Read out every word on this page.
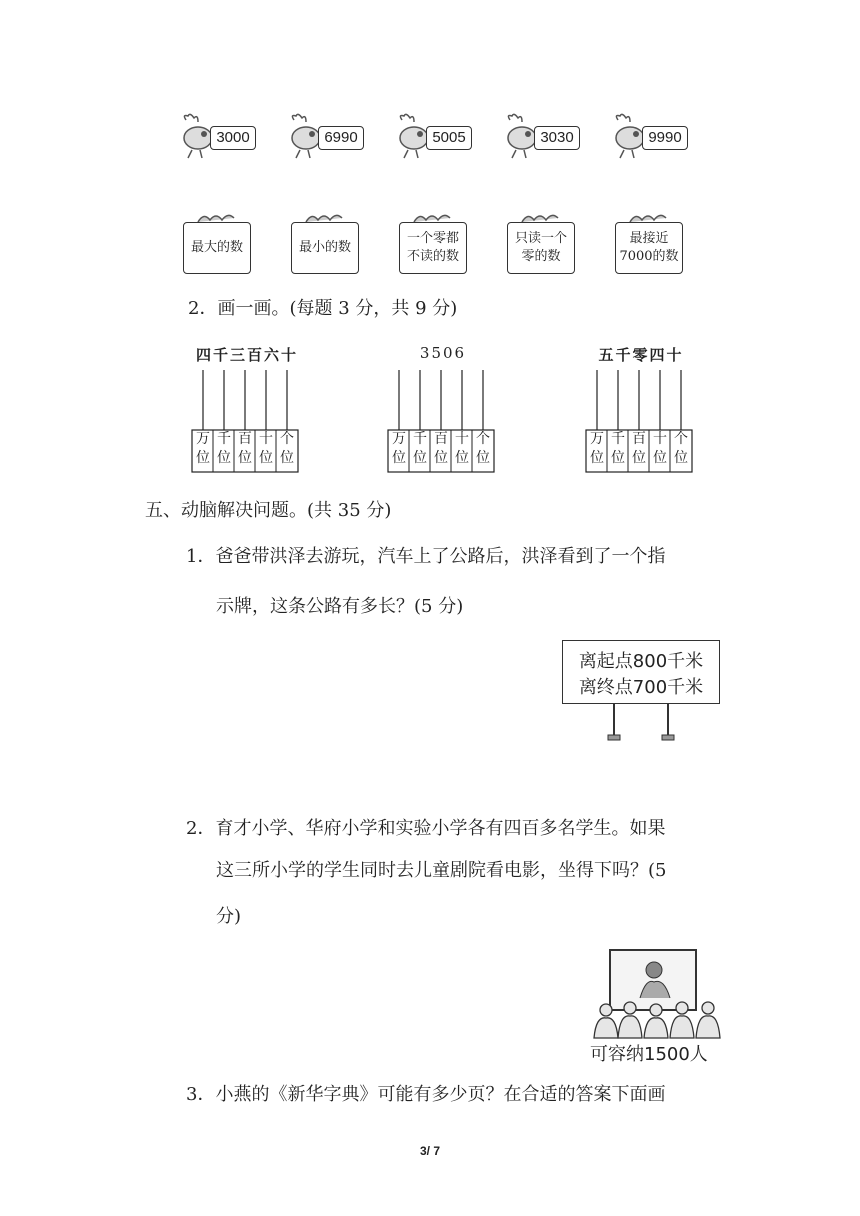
3000	6990	5005	3030	9990
最大的数	最小的数
一个零都
不读的数
只读一个
零的数
最接近
7000的数
2．画一画。(每题 3 分，共 9 分)
四千三百六十
万
位
千
位
百
位
十
位
个
位
3506
万
位
千
位
百
位
十
位
个
位
五千零四十
万
位
千
位
百
位
十
位
个
位
五、动脑解决问题。(共 35 分)
1．爸爸带洪泽去游玩，汽车上了公路后，洪泽看到了一个指
示牌，这条公路有多长？(5 分)
离起点800千米
离终点700千米
2．育才小学、华府小学和实验小学各有四百多名学生。如果
这三所小学的学生同时去儿童剧院看电影，坐得下吗？(5
分)
可容纳1500人
3．小燕的《新华字典》可能有多少页？在合适的答案下面画
3/ 7
